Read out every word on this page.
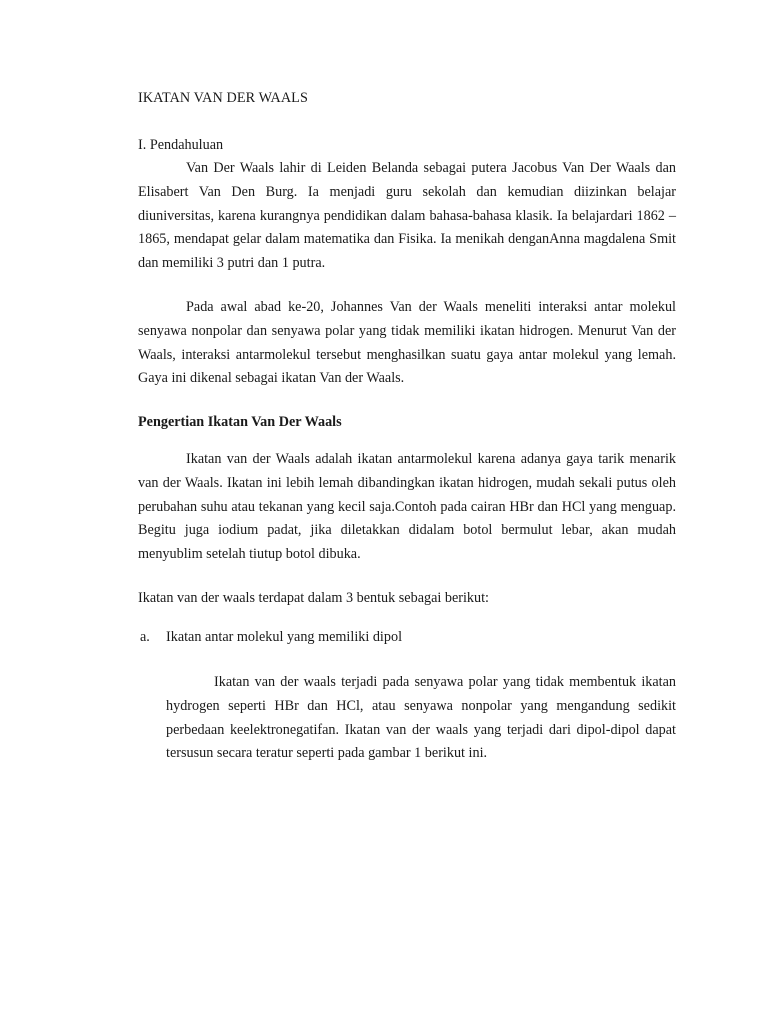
IKATAN VAN DER WAALS

I. Pendahuluan

Van Der Waals lahir di Leiden Belanda sebagai putera Jacobus Van Der Waals dan Elisabert Van Den Burg. Ia menjadi guru sekolah dan kemudian diizinkan belajar diuniversitas, karena kurangnya pendidikan dalam bahasa-bahasa klasik. Ia belajardari 1862 – 1865, mendapat gelar dalam matematika dan Fisika. Ia menikah denganAnna magdalena Smit dan memiliki 3 putri dan 1 putra.

Pada awal abad ke-20, Johannes Van der Waals meneliti interaksi antar molekul senyawa nonpolar dan senyawa polar yang tidak memiliki ikatan hidrogen. Menurut Van der Waals, interaksi antarmolekul tersebut menghasilkan suatu gaya antar molekul yang lemah. Gaya ini dikenal sebagai ikatan Van der Waals.

Pengertian Ikatan Van Der Waals

Ikatan van der Waals adalah ikatan antarmolekul karena adanya gaya tarik menarik van der Waals. Ikatan ini lebih lemah dibandingkan ikatan hidrogen, mudah sekali putus oleh perubahan suhu atau tekanan yang kecil saja.Contoh pada cairan HBr dan HCl yang menguap. Begitu juga iodium padat, jika diletakkan didalam botol bermulut lebar, akan mudah menyublim setelah tiutup botol dibuka.

Ikatan van der waals terdapat dalam 3 bentuk sebagai berikut:

a. Ikatan antar molekul yang memiliki dipol

Ikatan van der waals terjadi pada senyawa polar yang tidak membentuk ikatan hydrogen seperti HBr dan HCl, atau senyawa nonpolar yang mengandung sedikit perbedaan keelektronegatifan. Ikatan van der waals yang terjadi dari dipol-dipol dapat tersusun secara teratur seperti pada gambar 1 berikut ini.
